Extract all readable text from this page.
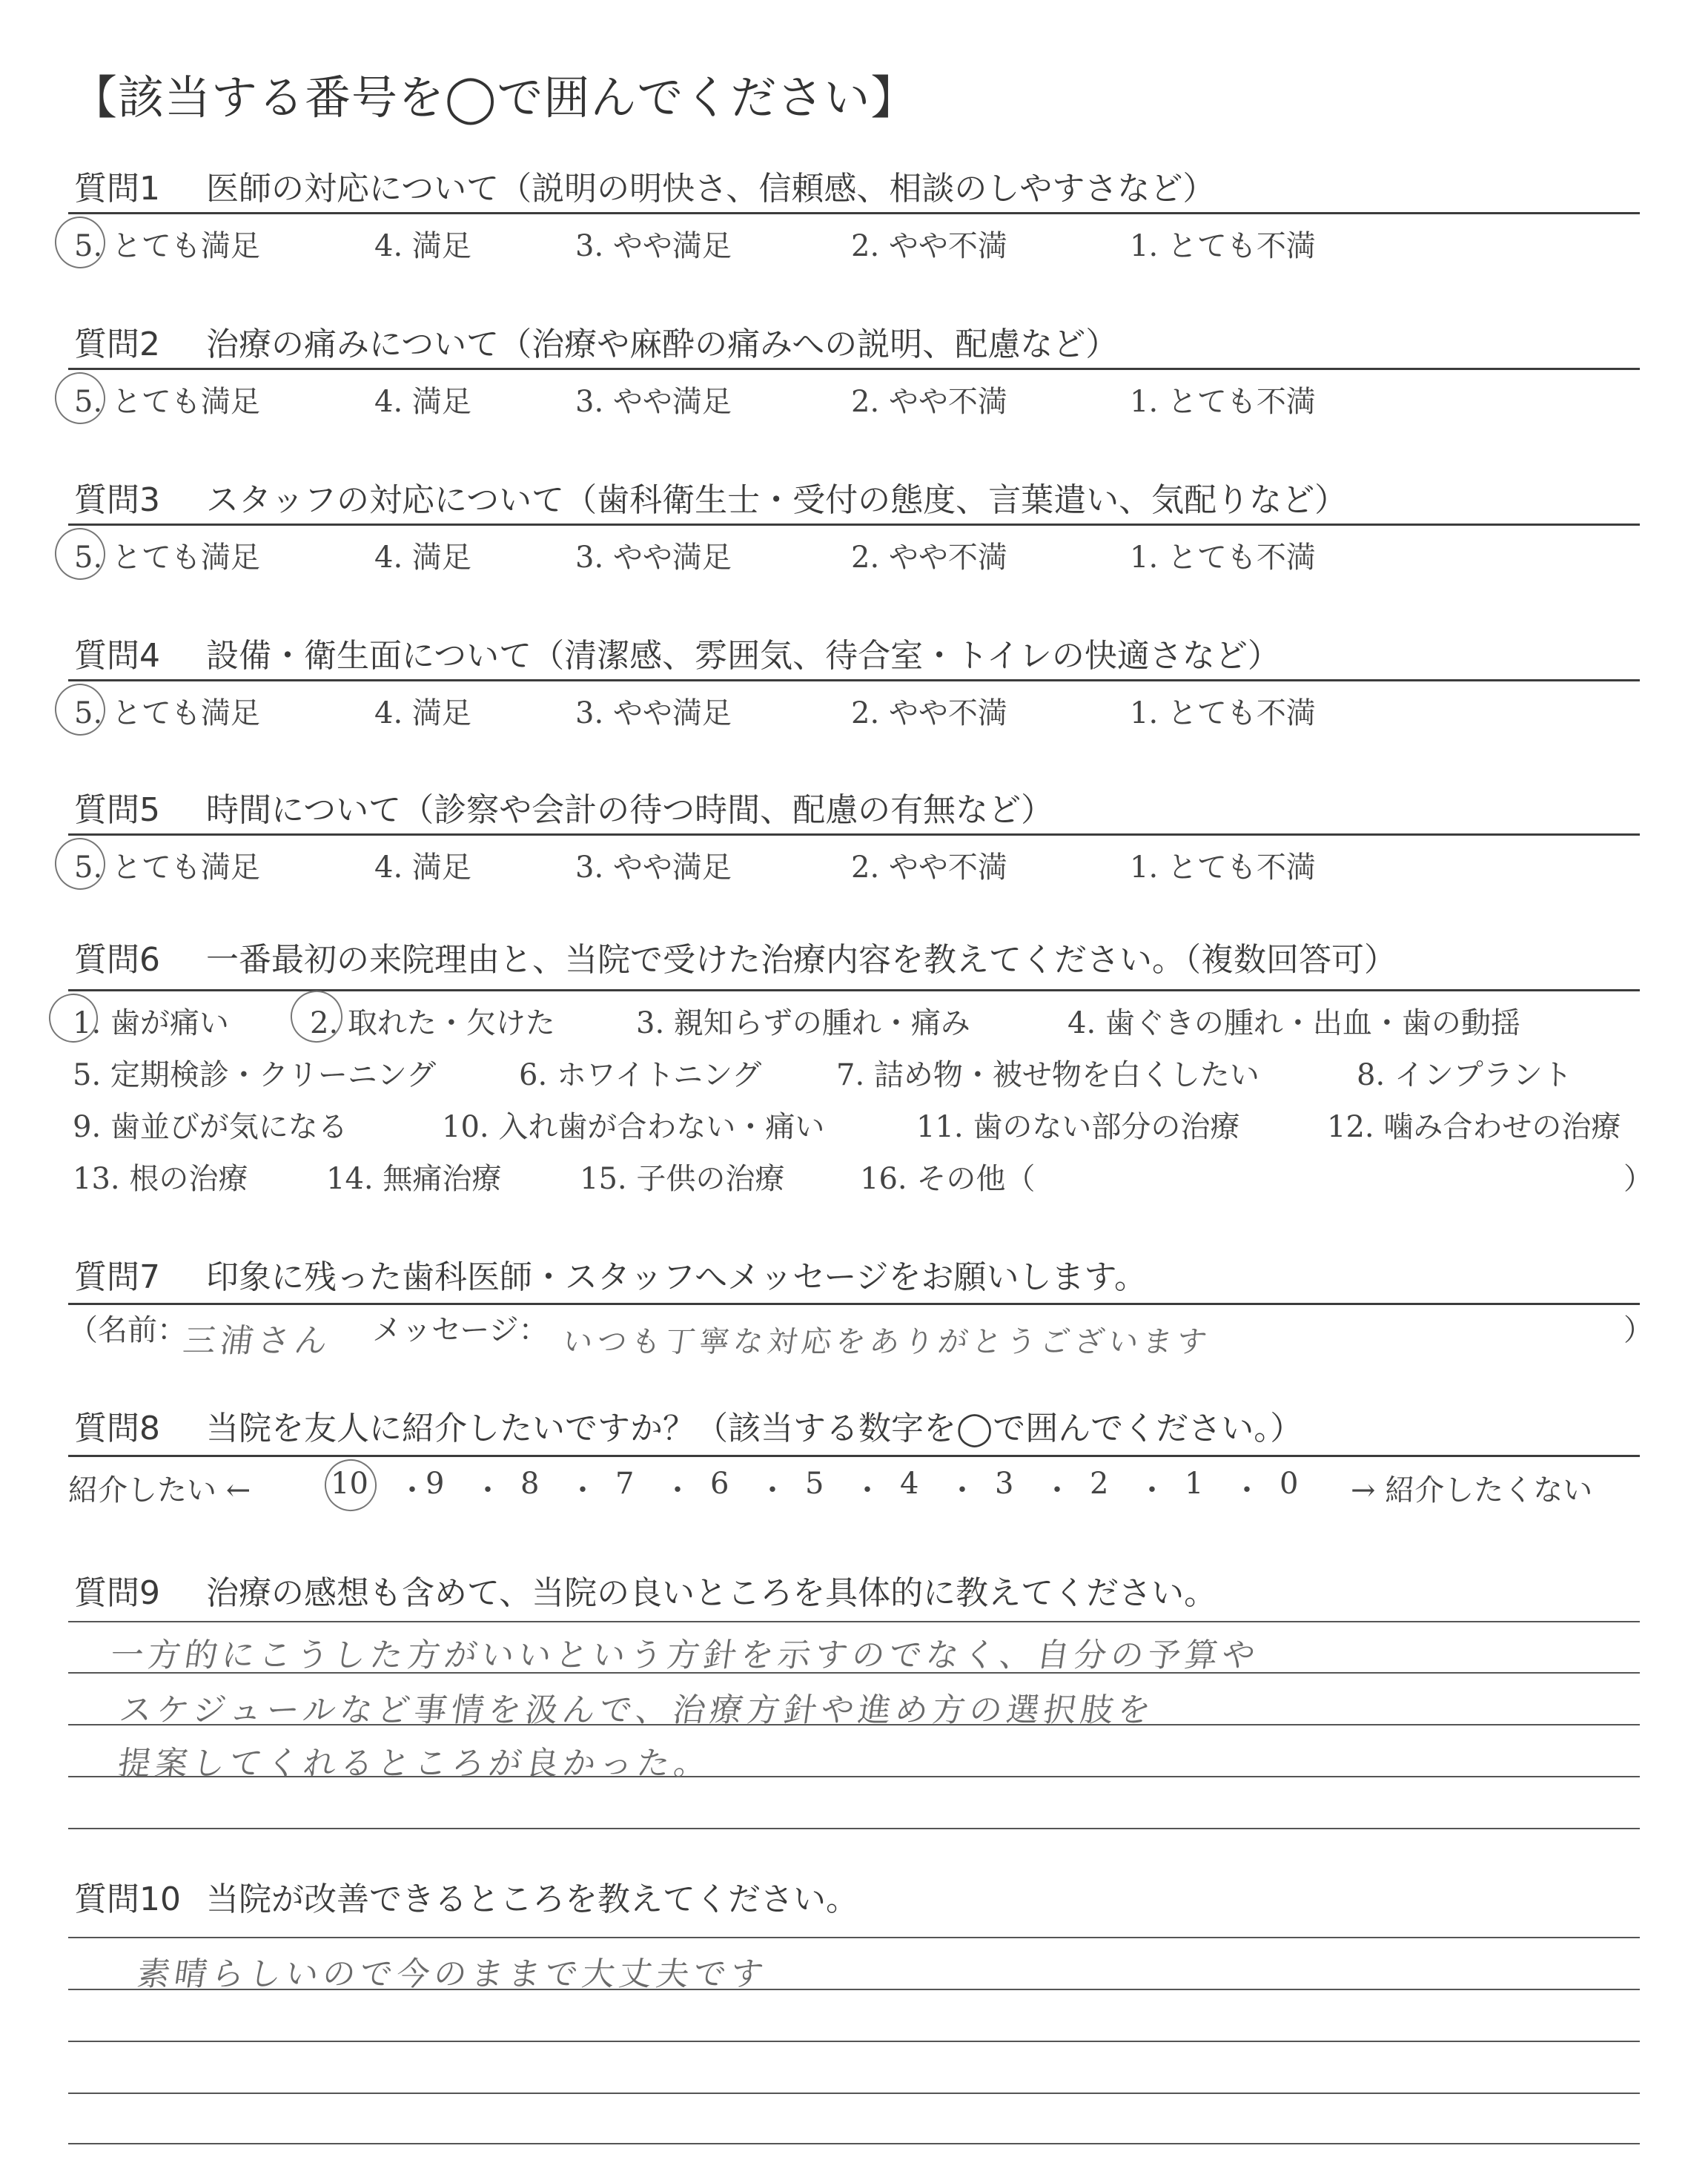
【該当する番号を◯で囲んでください】
質問1 医師の対応について（説明の明快さ、信頼感、相談のしやすさなど）
5. とても満足	4. 満足	3. やや満足	2. やや不満	1. とても不満
質問2 治療の痛みについて（治療や麻酔の痛みへの説明、配慮など）
5. とても満足	4. 満足	3. やや満足	2. やや不満	1. とても不満
質問3 スタッフの対応について（歯科衛生士・受付の態度、言葉遣い、気配りなど）
5. とても満足	4. 満足	3. やや満足	2. やや不満	1. とても不満
質問4 設備・衛生面について（清潔感、雰囲気、待合室・トイレの快適さなど）
5. とても満足	4. 満足	3. やや満足	2. やや不満	1. とても不満
質問5 時間について（診察や会計の待つ時間、配慮の有無など）
5. とても満足	4. 満足	3. やや満足	2. やや不満	1. とても不満
質問6 一番最初の来院理由と、当院で受けた治療内容を教えてください。（複数回答可）
1. 歯が痛い	2. 取れた・欠けた	3. 親知らずの腫れ・痛み	4. 歯ぐきの腫れ・出血・歯の動揺
5. 定期検診・クリーニング	6. ホワイトニング	7. 詰め物・被せ物を白くしたい	8. インプラント
9. 歯並びが気になる	10. 入れ歯が合わない・痛い	11. 歯のない部分の治療	12. 噛み合わせの治療
13. 根の治療	14. 無痛治療	15. 子供の治療	16. その他（	）
質問7 印象に残った歯科医師・スタッフへメッセージをお願いします。
（名前：
三浦さん メッセージ： いつも丁寧な対応をありがとうございます	）
質問8 当院を友人に紹介したいですか？（該当する数字を◯で囲んでください。）
紹介したい ←	10 ・
9 ・ 8 ・ 7 ・ 6 ・ 5 ・ 4 ・ 3 ・ 2 ・ 1 ・ 0 → 紹介したくない
質問9 治療の感想も含めて、当院の良いところを具体的に教えてください。
一方的にこうした方がいいという方針を示すのでなく、自分の予算や
スケジュールなど事情を汲んで、治療方針や進め方の選択肢を
提案してくれるところが良かった。
質問10 当院が改善できるところを教えてください。
素晴らしいので今のままで大丈夫です
